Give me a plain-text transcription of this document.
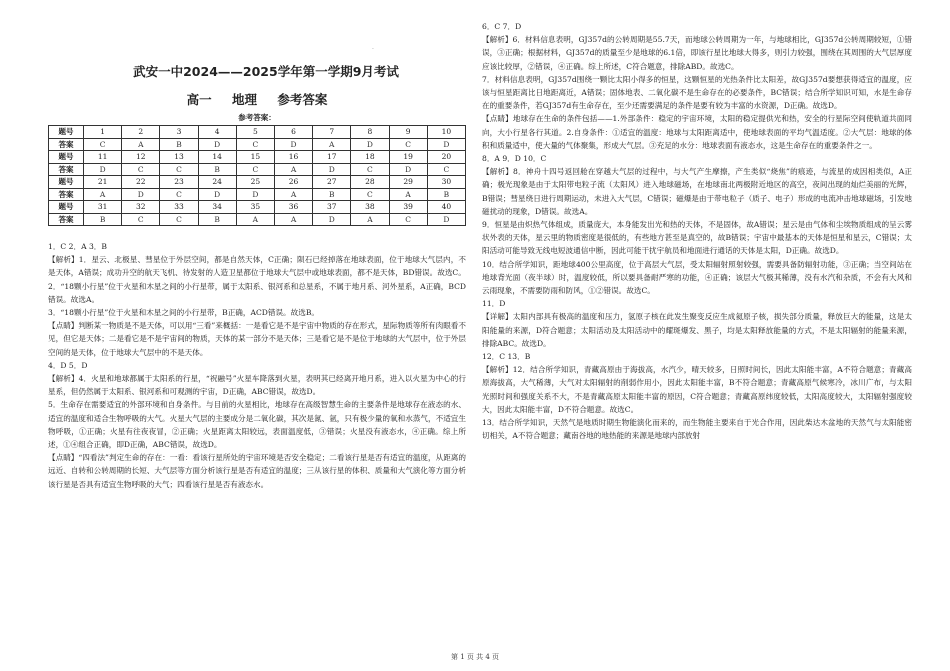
.
武安一中2024——2025学年第一学期9月考试
高一 地理 参考答案
参考答案：
题号	1	2	3	4	5	6	7	8	9	10
答案	C	A	B	D	C	D	A	D	C	D
题号	11	12	13	14	15	16	17	18	19	20
答案	D	C	C	B	C	A	D	C	D	C
题号	21	22	23	24	25	26	27	28	29	30
答案	A	D	C	D	D	A	B	C	A	B
题号	31	32	33	34	35	36	37	38	39	40
答案	B	C	C	B	A	A	D	A	C	D

1．C 2．A 3．B

【解析】1．星云、北极星、彗星位于外层空间，都是自然天体，C正确；陨石已经掉落在地球表面，位于地球大气层内，不是天体，A错误；成功升空的航天飞机、待发射的人造卫星都位于地球大气层中或地球表面，都不是天体，BD错误。故选C。

2．“18颗小行星”位于火星和木星之间的小行星带，属于太阳系、银河系和总星系，不属于地月系、河外星系，A正确，BCD错误。故选A。

3．“18颗小行星”位于火星和木星之间的小行星带，B正确，ACD错误。故选B。

【点睛】判断某一物质是不是天体，可以用“三看”来概括：一是看它是不是宇宙中物质的存在形式，星际物质等所有肉眼看不见，但它是天体；二是看它是不是宇宙间的物质，天体的某一部分不是天体；三是看它是不是位于地球的大气层中，位于外层空间的是天体，位于地球大气层中的不是天体。

4．D 5．D

【解析】4．火星和地球都属于太阳系的行星，“祝融号”火星车降落到火星，表明其已经离开地月系，进入以火星为中心的行星系，但仍然属于太阳系、银河系和可观测的宇宙，D正确，ABC错误，故选D。

5．生命存在需要适宜的外部环境和自身条件。与目前的火星相比，地球存在高级智慧生命的主要条件是地球存在液态的水、适宜的温度和适合生物呼吸的大气。火星大气层的主要成分是二氧化碳，其次是氮、氩，只有极少量的氧和水蒸气，不适宜生物呼吸，①正确；火星有往夜夜冒，②正确；火星距离太阳较远，表面温度低，③错误；火星没有液态水，④正确。综上所述，①④组合正确，即D正确，ABC错误，故选D。

【点睛】“四看法”判定生命的存在：一看：看该行星所处的宇宙环境是否安全稳定；二看该行星是否有适宜的温度，从距离的远近、自转和公转周期的长短、大气层等方面分析该行星是否有适宜的温度；三从该行星的体积、质量和大气演化等方面分析该行星是否具有适宜生物呼吸的大气；四看该行星是否有液态水。

6．C 7．D

【解析】6．材料信息表明，GJ357d的公转周期是55.7天，而地球公转周期为一年，与地球相比，GJ357d公转周期较短，①错误，③正确；根据材料，GJ357d的质量至少是地球的6.1倍，即该行星比地球大得多，则引力较强，围绕在其周围的大气层厚度应该比较厚，②错误，④正确。综上所述，C符合题意，排除ABD。故选C。

7．材料信息表明，GJ357d围绕一颗比太阳小得多的恒星，这颗恒星的光热条件比太阳差，故GJ357d要想获得适宜的温度，应该与恒星距离比日地距离近，A错误；固体地表、二氧化碳不是生命存在的必要条件，BC错误；结合所学知识可知，水是生命存在的重要条件，若GJ357d有生命存在，至少还需要满足的条件是要有较为丰富的水资源，D正确。故选D。

【点睛】地球存在生命的条件包括——1.外部条件：稳定的宇宙环境，太阳的稳定提供光和热，安全的行星际空间使轨道共面同向，大小行星各行其道。2.自身条件：①适宜的温度：地球与太阳距离适中，使地球表面的平均气温适度。②大气层：地球的体积和质量适中，使大量的气体聚集，形成大气层。③充足的水分：地球表面有液态水，这是生命存在的重要条件之一。

8．A 9．D 10．C

【解析】8．神舟十四号返回舱在穿越大气层的过程中，与大气产生摩擦，产生类似“烧焦”的痕迹，与流星的成因相类似，A正确；极光现象是由于太阳带电粒子流（太阳风）进入地球磁场，在地球南北两极附近地区的高空，夜间出现的灿烂美丽的光辉，B错误；彗星绕日进行周期运动，未进入大气层，C错误；磁爆是由于带电粒子（质子、电子）形成的电流冲击地球磁场，引发地磁扰动的现象，D错误。故选A。

9．恒星是由炽热气体组成，质量庞大，本身能发出光和热的天体，不是固体，故A错误；星云是由气体和尘埃物质组成的呈云雾状外表的天体，星云里的物质密度是很低的，有些地方甚至是真空的，故B错误；宇宙中最基本的天体是恒星和星云，C错误；太阳活动可能导致无线电短波通信中断，因此可能干扰宇航员和地面进行通话的天体是太阳，D正确。故选D。

10．结合所学知识，距地球400公里高度，位于高层大气层，受太阳辐射照射较强，需要具备防辐射功能，③正确；当空间站在地球背光面（夜半球）时，温度较低，所以要具备耐严寒的功能，④正确；该层大气极其稀薄，没有水汽和杂质，不会有大风和云雨现象，不需要防雨和防风，①②错误。故选C。

11．D

【详解】太阳内部具有极高的温度和压力，氢原子核在此发生聚变反应生成氦原子核，损失部分质量，释放巨大的能量，这是太阳能量的来源，D符合题意；太阳活动及太阳活动中的耀斑爆发、黑子，均是太阳释放能量的方式，不是太阳辐射的能量来源，排除ABC。故选D。

12．C 13．B

【解析】12．结合所学知识，青藏高原由于海拔高，水汽少，晴天较多，日照时间长，因此太阳能丰富，A不符合题意；青藏高原海拔高，大气稀薄，大气对太阳辐射的削弱作用小，因此太阳能丰富，B不符合题意；青藏高原气候寒冷，冰川广布，与太阳光照时间和强度关系不大，不是青藏高原太阳能丰富的原因，C符合题意；青藏高原纬度较低，太阳高度较大，太阳辐射强度较大，因此太阳能丰富，D不符合题意。故选C。

13．结合所学知识，天然气是地质时期生物能演化而来的，而生物能主要来自于光合作用，因此柴达木盆地的天然气与太阳能密切相关，A不符合题意；藏南谷地的地热能的来源是地球内部放射

第 1 页 共 4 页
